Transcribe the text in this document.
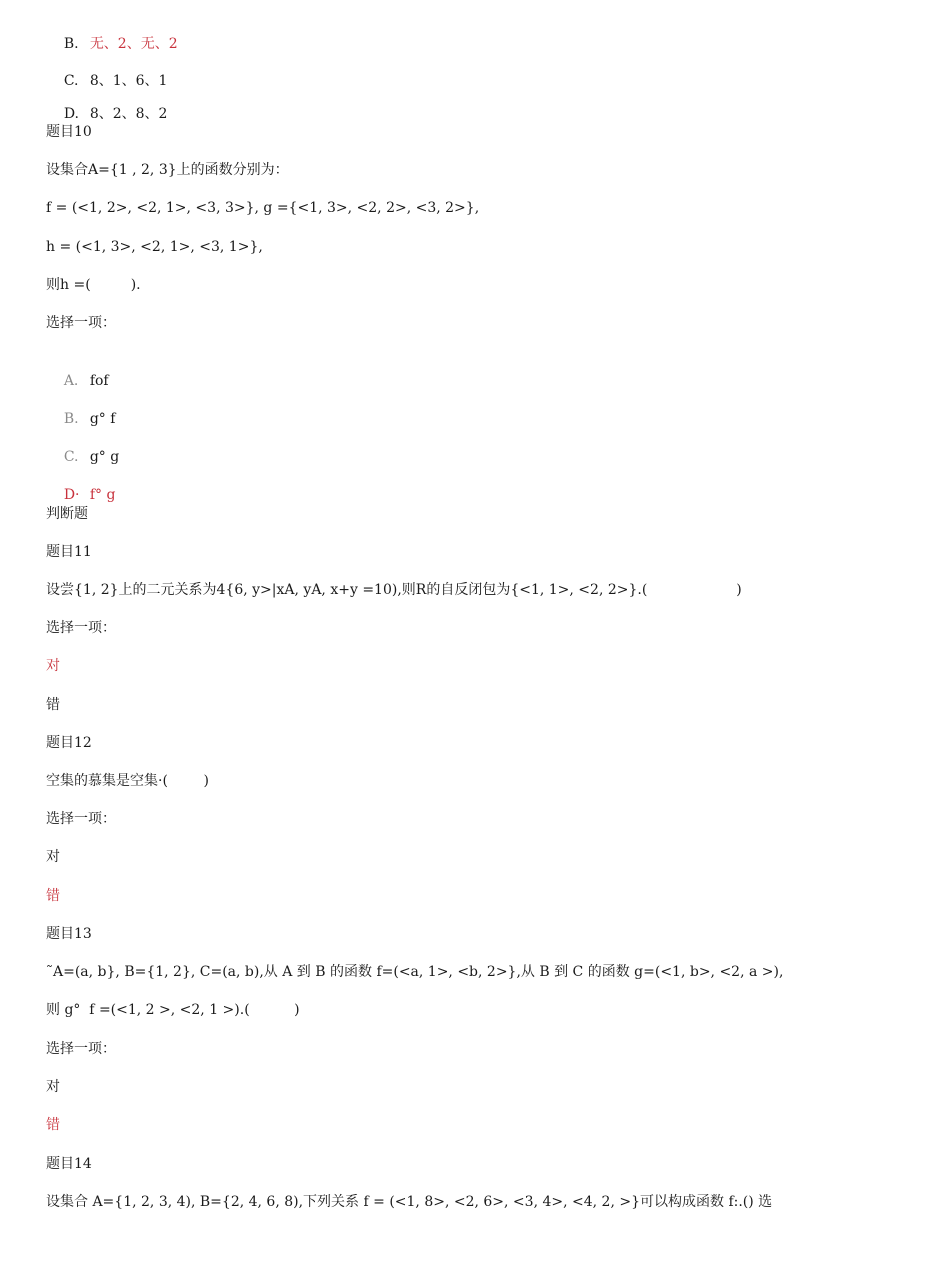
B. 无、2、无、2

C. 8、1、6、1

D. 8、2、8、2

题目10
设集合A={1 , 2, 3}上的函数分别为：
f = (<1, 2>, <2, 1>, <3, 3>}, g ={<1, 3>, <2, 2>, <3, 2>},
h = (<1, 3>, <2, 1>, <3, 1>},
则h =(         ).
选择一项：

A. fof

B. g° f

C. g° g

D· f° g

判断题
题目11
设尝{1, 2}上的二元关系为4{6, y>|xA, yA, x+y =10),则R的自反闭包为{<1, 1>, <2, 2>}.(                    )
选择一项：
对
错
题目12
空集的慕集是空集·(        )
选择一项：
对
错
题目13
˜A=(a, b}, B={1, 2}, C=(a, b),从 A 到 B 的函数 f=(<a, 1>, <b, 2>},从 B 到 C 的函数 g=(<1, b>, <2, a >),
则 g°  f =(<1, 2 >, <2, 1 >).(          )
选择一项：
对
错
题目14
设集合 A={1, 2, 3, 4), B={2, 4, 6, 8),下列关系 f = (<1, 8>, <2, 6>, <3, 4>, <4, 2, >}可以构成函数 f:.() 选
